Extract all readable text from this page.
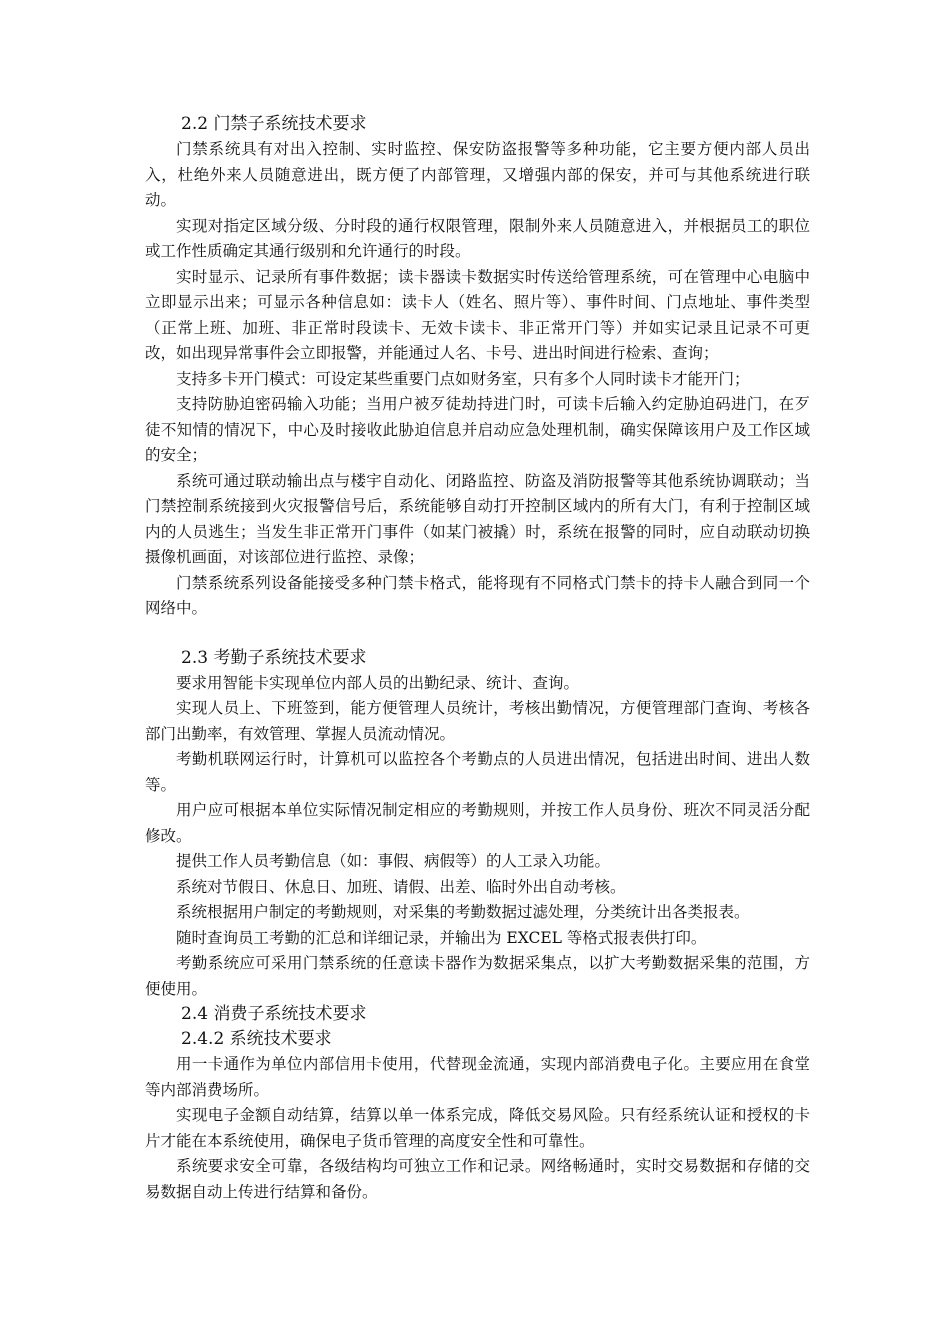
2.2 门禁子系统技术要求

门禁系统具有对出入控制、实时监控、保安防盗报警等多种功能，它主要方便内部人员出入，杜绝外来人员随意进出，既方便了内部管理，又增强内部的保安，并可与其他系统进行联动。

实现对指定区域分级、分时段的通行权限管理，限制外来人员随意进入，并根据员工的职位或工作性质确定其通行级别和允许通行的时段。

实时显示、记录所有事件数据；读卡器读卡数据实时传送给管理系统，可在管理中心电脑中立即显示出来；可显示各种信息如：读卡人（姓名、照片等）、事件时间、门点地址、事件类型（正常上班、加班、非正常时段读卡、无效卡读卡、非正常开门等）并如实记录且记录不可更改，如出现异常事件会立即报警，并能通过人名、卡号、进出时间进行检索、查询；

支持多卡开门模式：可设定某些重要门点如财务室，只有多个人同时读卡才能开门；

支持防胁迫密码输入功能；当用户被歹徒劫持进门时，可读卡后输入约定胁迫码进门，在歹徒不知情的情况下，中心及时接收此胁迫信息并启动应急处理机制，确实保障该用户及工作区域的安全；

系统可通过联动输出点与楼宇自动化、闭路监控、防盗及消防报警等其他系统协调联动；当门禁控制系统接到火灾报警信号后，系统能够自动打开控制区域内的所有大门，有利于控制区域内的人员逃生；当发生非正常开门事件（如某门被撬）时，系统在报警的同时，应自动联动切换摄像机画面，对该部位进行监控、录像；

门禁系统系列设备能接受多种门禁卡格式，能将现有不同格式门禁卡的持卡人融合到同一个网络中。

2.3 考勤子系统技术要求

要求用智能卡实现单位内部人员的出勤纪录、统计、查询。

实现人员上、下班签到，能方便管理人员统计，考核出勤情况，方便管理部门查询、考核各部门出勤率，有效管理、掌握人员流动情况。

考勤机联网运行时，计算机可以监控各个考勤点的人员进出情况，包括进出时间、进出人数等。

用户应可根据本单位实际情况制定相应的考勤规则，并按工作人员身份、班次不同灵活分配修改。

提供工作人员考勤信息（如：事假、病假等）的人工录入功能。

系统对节假日、休息日、加班、请假、出差、临时外出自动考核。

系统根据用户制定的考勤规则，对采集的考勤数据过滤处理，分类统计出各类报表。

随时查询员工考勤的汇总和详细记录，并输出为 EXCEL 等格式报表供打印。

考勤系统应可采用门禁系统的任意读卡器作为数据采集点，以扩大考勤数据采集的范围，方便使用。

2.4 消费子系统技术要求
2.4.2 系统技术要求

用一卡通作为单位内部信用卡使用，代替现金流通，实现内部消费电子化。主要应用在食堂等内部消费场所。

实现电子金额自动结算，结算以单一体系完成，降低交易风险。只有经系统认证和授权的卡片才能在本系统使用，确保电子货币管理的高度安全性和可靠性。

系统要求安全可靠，各级结构均可独立工作和记录。网络畅通时，实时交易数据和存储的交易数据自动上传进行结算和备份。
